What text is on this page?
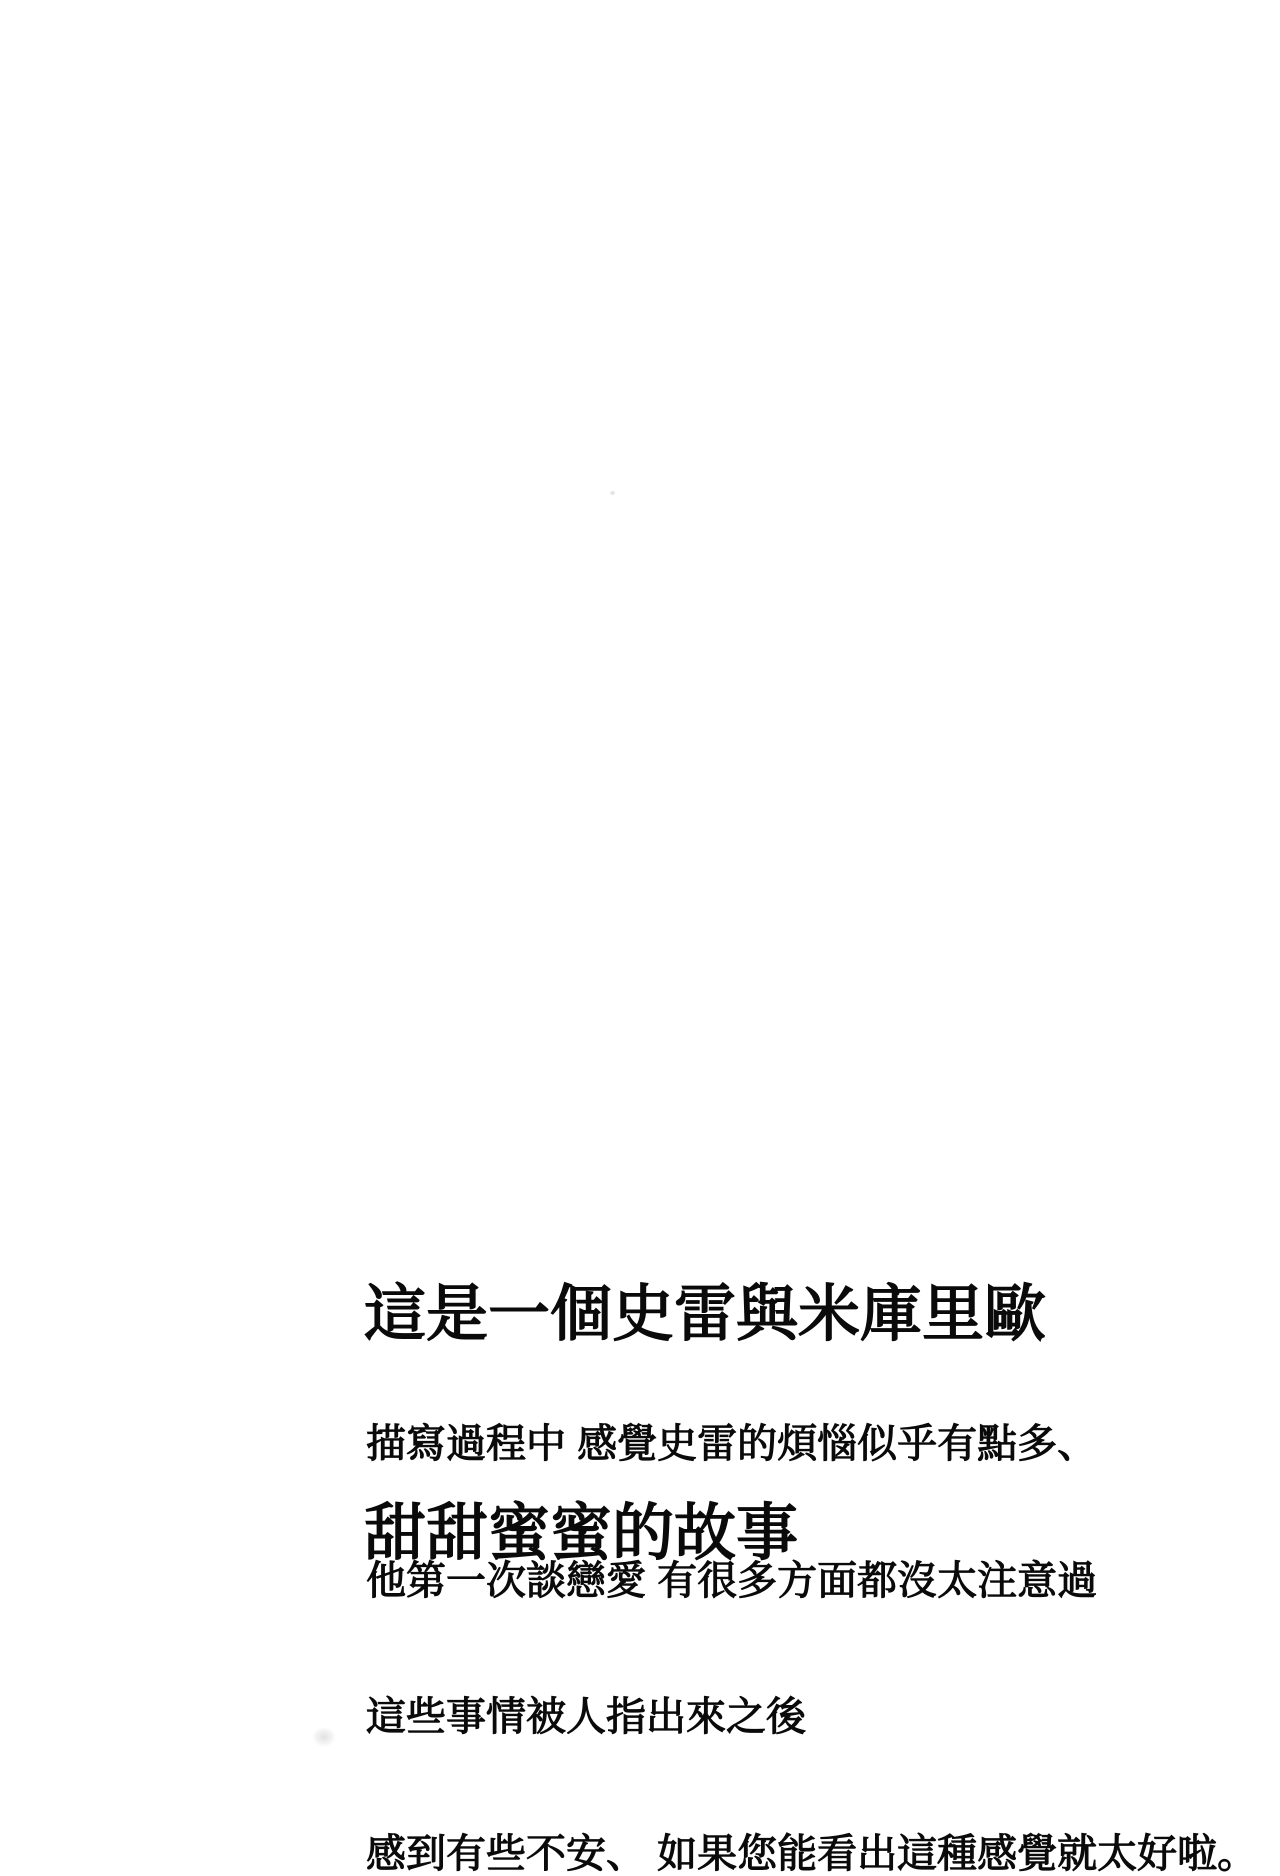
這是一個史雷與米庫里歐

甜甜蜜蜜的故事

描寫過程中 感覺史雷的煩惱似乎有點多、

他第一次談戀愛 有很多方面都沒太注意過

這些事情被人指出來之後

感到有些不安、 如果您能看出這種感覺就太好啦。
